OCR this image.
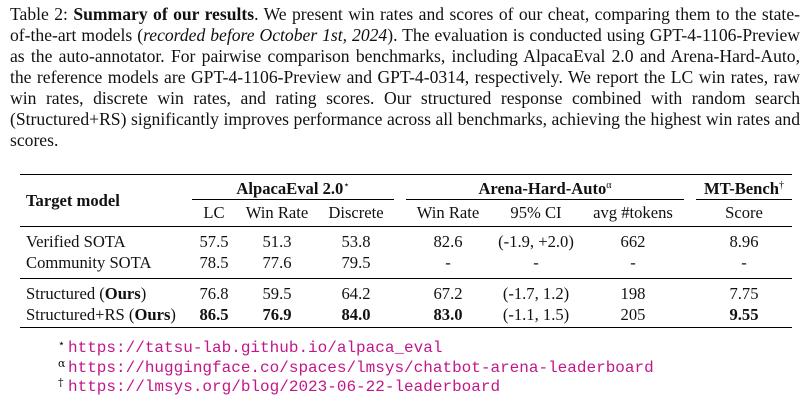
Table 2: Summary of our results. We present win rates and scores of our cheat, comparing them to the state-of-the-art models (recorded before October 1st, 2024). The evaluation is conducted using GPT-4-1106-Preview as the auto-annotator. For pairwise comparison benchmarks, including AlpacaEval 2.0 and Arena-Hard-Auto, the reference models are GPT-4-1106-Preview and GPT-4-0314, respectively. We report the LC win rates, raw win rates, discrete win rates, and rating scores. Our structured response combined with random search (Structured+RS) significantly improves performance across all benchmarks, achieving the highest win rates and scores.

Target model	AlpacaEval 2.0⋆				Arena-Hard-Auto$^\alpha$				MT-Bench†
	LC	Win Rate	Discrete		Win Rate	95% CI	avg #tokens		Score

Verified SOTA	57.5	51.3	53.8		82.6	(-1.9, +2.0)	662		8.96
Community SOTA	78.5	77.6	79.5		-	-	-		-

Structured (Ours)	76.8	59.5	64.2		67.2	(-1.7, 1.2)	198		7.75
Structured+RS (Ours)	86.5	76.9	84.0		83.0	(-1.1, 1.5)	205		9.55

⋆ https://tatsu-lab.github.io/alpaca_eval
α https://huggingface.co/spaces/lmsys/chatbot-arena-leaderboard
† https://lmsys.org/blog/2023-06-22-leaderboard
